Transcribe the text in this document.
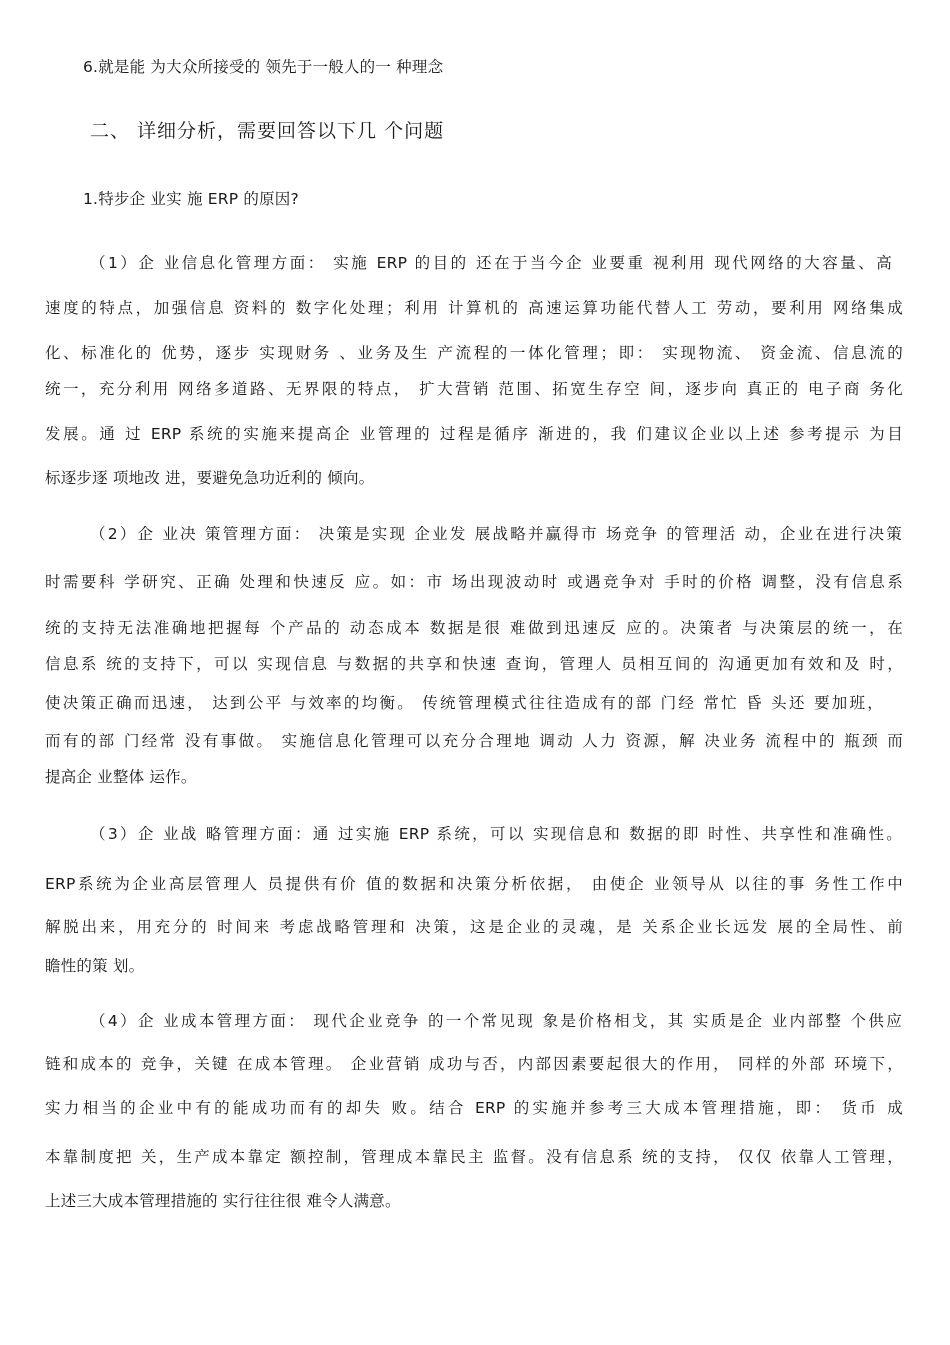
6.就是能 为大众所接受的 领先于一般人的一 种理念
二、 详细分析，需要回答以下几 个问题
1.特步企 业实 施 ERP 的原因?
（1）企 业信息化管理方面： 实施 ERP 的目的 还在于当今企 业要重 视利用 现代网络的大容量、高
速度的特点，加强信息 资料的 数字化处理；利用 计算机的 高速运算功能代替人工 劳动，要利用 网络集成
化、标准化的 优势，逐步 实现财务 、业务及生 产流程的一体化管理；即： 实现物流、 资金流、信息流的
统一，充分利用 网络多道路、无界限的特点， 扩大营销 范围、拓宽生存空 间，逐步向 真正的 电子商 务化
发展。通 过 ERP 系统的实施来提高企 业管理的 过程是循序 渐进的，我 们建议企业以上述 参考提示 为目
标逐步逐 项地改 进，要避免急功近利的 倾向。
（2）企 业决 策管理方面： 决策是实现 企业发 展战略并赢得市 场竞争 的管理活 动，企业在进行决策
时需要科 学研究、正确 处理和快速反 应。如：市 场出现波动时 或遇竞争对 手时的价格 调整，没有信息系
统的支持无法准确地把握每 个产品的 动态成本 数据是很 难做到迅速反 应的。决策者 与决策层的统一，在
信息系 统的支持下，可以 实现信息 与数据的共享和快速 查询，管理人 员相互间的 沟通更加有效和及 时，
使决策正确而迅速， 达到公平 与效率的均衡。 传统管理模式往往造成有的部 门经 常忙 昏 头还 要加班，
而有的部 门经常 没有事做。 实施信息化管理可以充分合理地 调动 人力 资源，解 决业务 流程中的 瓶颈 而
提高企 业整体 运作。
（3）企 业战 略管理方面：通 过实施 ERP 系统，可以 实现信息和 数据的即 时性、共享性和准确性。
ERP系统为企业高层管理人 员提供有价 值的数据和决策分析依据， 由使企 业领导从 以往的事 务性工作中
解脱出来，用充分的 时间来 考虑战略管理和 决策，这是企业的灵魂，是 关系企业长远发 展的全局性、前
瞻性的策 划。
（4）企 业成本管理方面： 现代企业竞争 的一个常见现 象是价格相戈，其 实质是企 业内部整 个供应
链和成本的 竞争，关键 在成本管理。 企业营销 成功与否，内部因素要起很大的作用， 同样的外部 环境下，
实力相当的企业中有的能成功而有的却失 败。结合 ERP 的实施并参考三大成本管理措施，即： 货币 成
本靠制度把 关，生产成本靠定 额控制，管理成本靠民主 监督。没有信息系 统的支持， 仅仅 依靠人工管理，
上述三大成本管理措施的 实行往往很 难令人满意。
